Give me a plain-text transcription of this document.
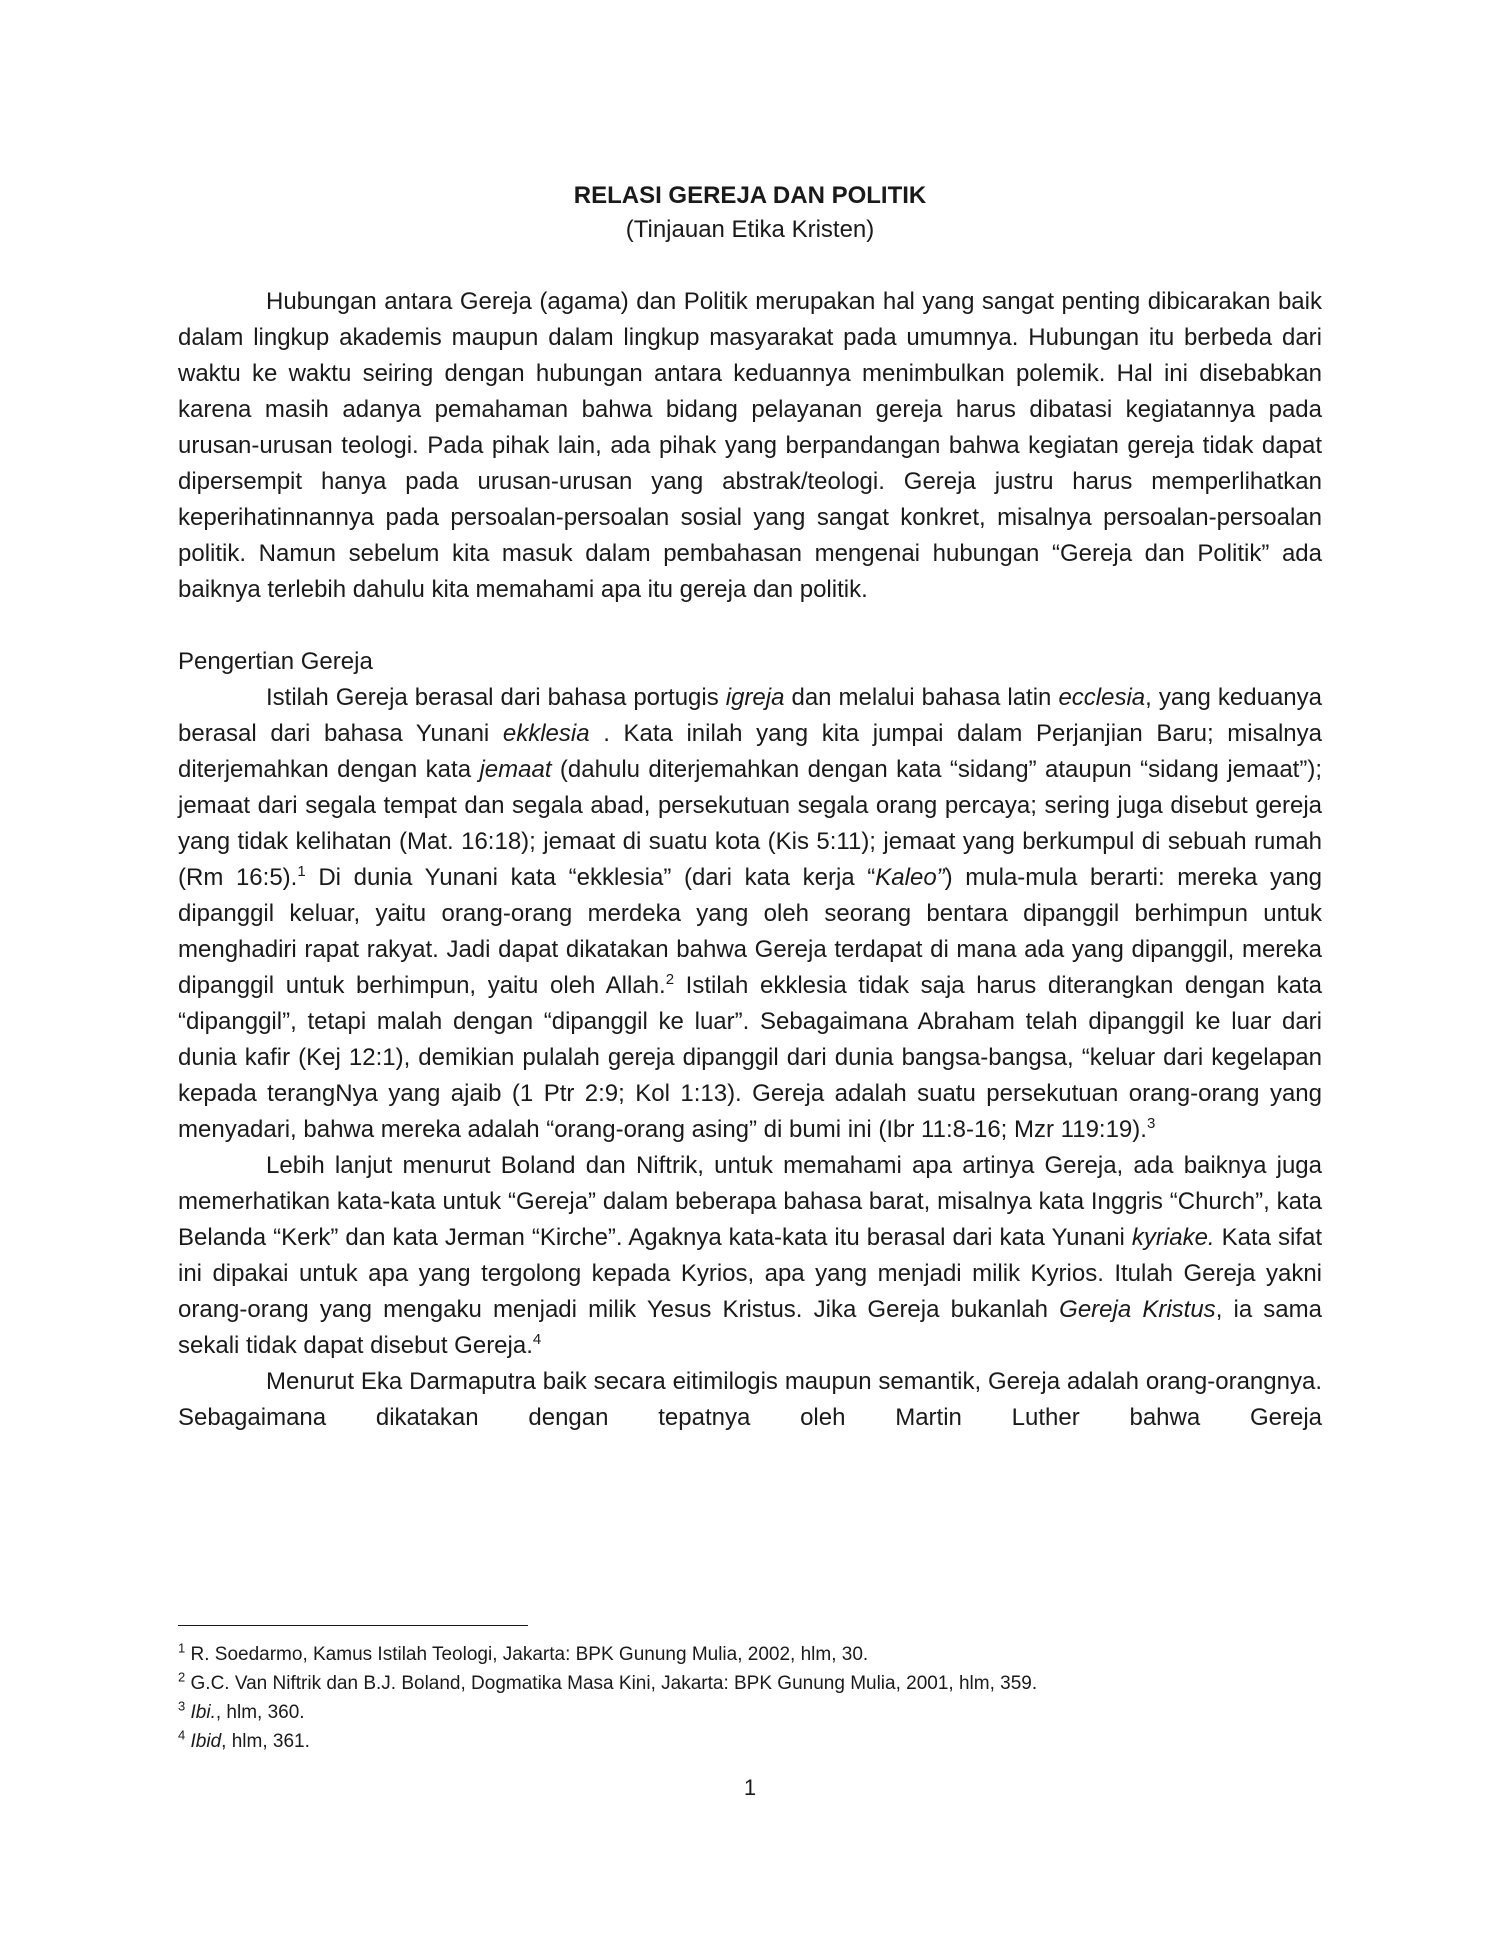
RELASI GEREJA DAN POLITIK
(Tinjauan Etika Kristen)

Hubungan antara Gereja (agama) dan Politik merupakan hal yang sangat penting dibicarakan baik dalam lingkup akademis maupun dalam lingkup masyarakat pada umumnya. Hubungan itu berbeda dari waktu ke waktu seiring dengan hubungan antara keduannya menimbulkan polemik. Hal ini disebabkan karena masih adanya pemahaman bahwa bidang pelayanan gereja harus dibatasi kegiatannya pada urusan-urusan teologi. Pada pihak lain, ada pihak yang berpandangan bahwa kegiatan gereja tidak dapat dipersempit hanya pada urusan-urusan yang abstrak/teologi. Gereja justru harus memperlihatkan keperihatinnannya pada persoalan-persoalan sosial yang sangat konkret, misalnya persoalan-persoalan politik. Namun sebelum kita masuk dalam pembahasan mengenai hubungan “Gereja dan Politik” ada baiknya terlebih dahulu kita memahami apa itu gereja dan politik.

Pengertian Gereja

Istilah Gereja berasal dari bahasa portugis igreja dan melalui bahasa latin ecclesia, yang keduanya berasal dari bahasa Yunani ekklesia . Kata inilah yang kita jumpai dalam Perjanjian Baru; misalnya diterjemahkan dengan kata jemaat (dahulu diterjemahkan dengan kata “sidang” ataupun “sidang jemaat”); jemaat dari segala tempat dan segala abad, persekutuan segala orang percaya; sering juga disebut gereja yang tidak kelihatan (Mat. 16:18); jemaat di suatu kota (Kis 5:11); jemaat yang berkumpul di sebuah rumah (Rm 16:5).$^1$ Di dunia Yunani kata “ekklesia” (dari kata kerja “Kaleo”) mula-mula berarti: mereka yang dipanggil keluar, yaitu orang-orang merdeka yang oleh seorang bentara dipanggil berhimpun untuk menghadiri rapat rakyat. Jadi dapat dikatakan bahwa Gereja terdapat di mana ada yang dipanggil, mereka dipanggil untuk berhimpun, yaitu oleh Allah.$^2$ Istilah ekklesia tidak saja harus diterangkan dengan kata “dipanggil”, tetapi malah dengan “dipanggil ke luar”. Sebagaimana Abraham telah dipanggil ke luar dari dunia kafir (Kej 12:1), demikian pulalah gereja dipanggil dari dunia bangsa-bangsa, “keluar dari kegelapan kepada terangNya yang ajaib (1 Ptr 2:9; Kol 1:13). Gereja adalah suatu persekutuan orang-orang yang menyadari, bahwa mereka adalah “orang-orang asing” di bumi ini (Ibr 11:8-16; Mzr 119:19).$^3$

Lebih lanjut menurut Boland dan Niftrik, untuk memahami apa artinya Gereja, ada baiknya juga memerhatikan kata-kata untuk “Gereja” dalam beberapa bahasa barat, misalnya kata Inggris “Church”, kata Belanda “Kerk” dan kata Jerman “Kirche”. Agaknya kata-kata itu berasal dari kata Yunani kyriake. Kata sifat ini dipakai untuk apa yang tergolong kepada Kyrios, apa yang menjadi milik Kyrios. Itulah Gereja yakni orang-orang yang mengaku menjadi milik Yesus Kristus. Jika Gereja bukanlah Gereja Kristus, ia sama sekali tidak dapat disebut Gereja.$^4$

Menurut Eka Darmaputra baik secara eitimilogis maupun semantik, Gereja adalah orang-orangnya. Sebagaimana dikatakan dengan tepatnya oleh Martin Luther bahwa Gereja

$^1$ R. Soedarmo, Kamus Istilah Teologi, Jakarta: BPK Gunung Mulia, 2002, hlm, 30.
$^2$ G.C. Van Niftrik dan B.J. Boland, Dogmatika Masa Kini, Jakarta: BPK Gunung Mulia, 2001, hlm, 359.
$^3$ Ibi., hlm, 360.
$^4$ Ibid, hlm, 361.
1
